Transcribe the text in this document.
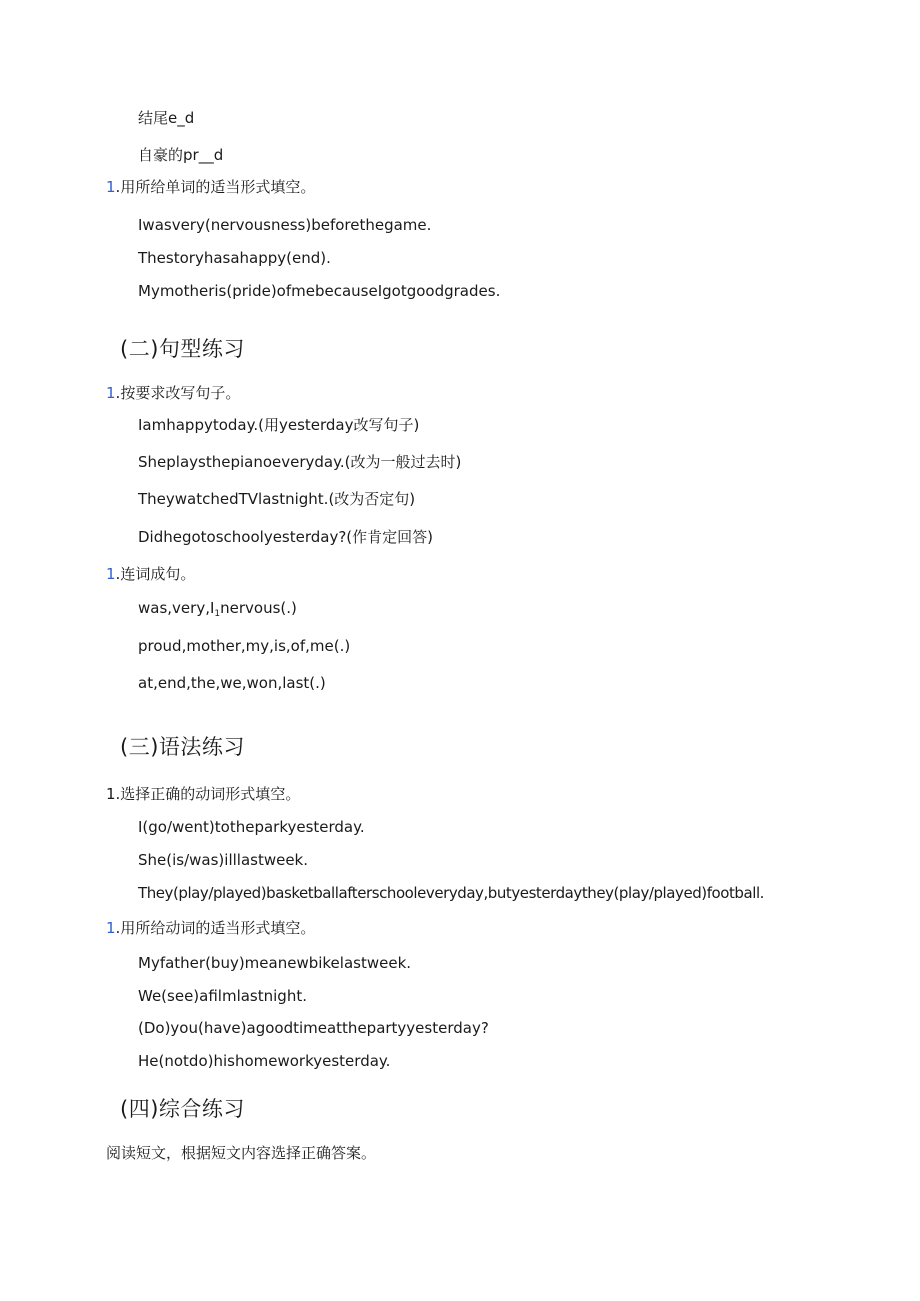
结尾e_d
自豪的pr__d
1.用所给单词的适当形式填空。
Iwasvery(nervousness)beforethegame.
Thestoryhasahappy(end).
Mymotheris(pride)ofmebecauseIgotgoodgrades.
(二)句型练习
1.按要求改写句子。
Iamhappytoday.(用yesterday改写句子)
Sheplaysthepianoeveryday.(改为一般过去时)
TheywatchedTVlastnight.(改为否定句)
Didhegotoschoolyesterday?(作肯定回答)
1.连词成句。
$was,very,I_1nervous(.)$
proud,mother,my,is,of,me(.)
at,end,the,we,won,last(.)
(三)语法练习
1.选择正确的动词形式填空。
I(go/went)totheparkyesterday.
She(is/was)illlastweek.
They(play/played)basketballafterschooleveryday,butyesterdaythey(play/played)football.
1.用所给动词的适当形式填空。
Myfather(buy)meanewbikelastweek.
We(see)afilmlastnight.
(Do)you(have)agoodtimeatthepartyyesterday?
He(notdo)hishomeworkyesterday.
(四)综合练习
阅读短文，根据短文内容选择正确答案。
